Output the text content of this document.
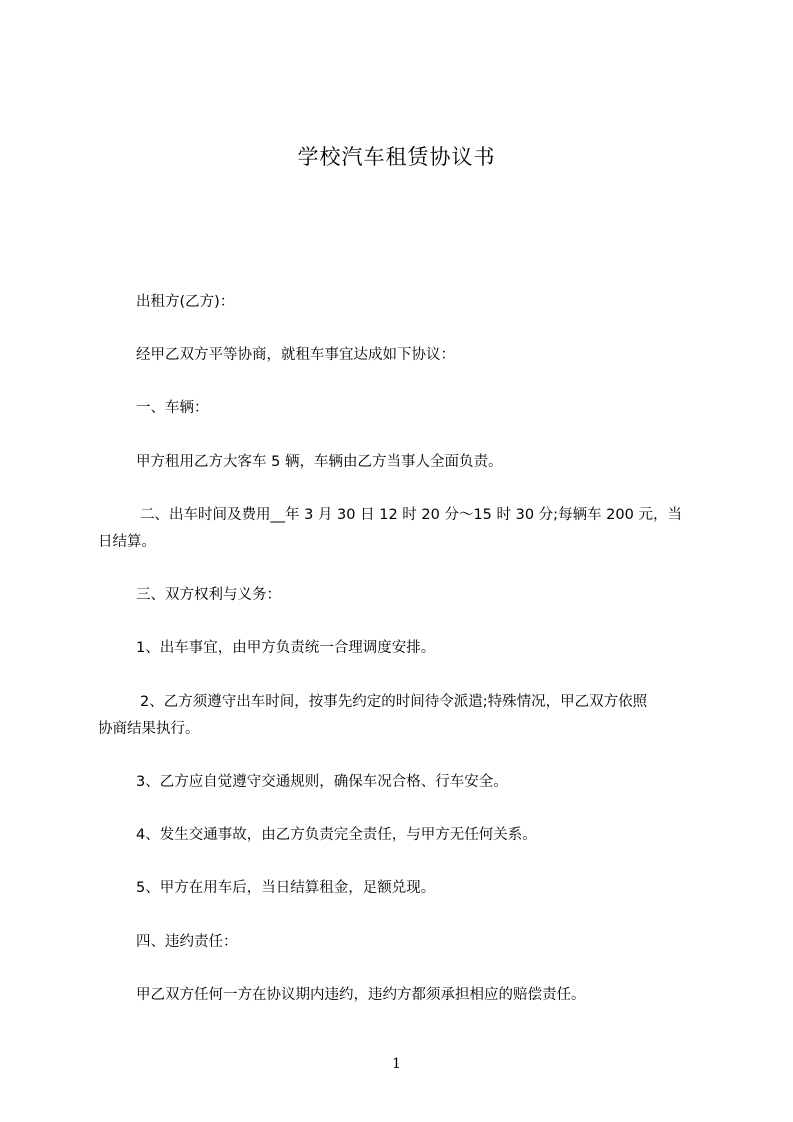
学校汽车租赁协议书
出租方(乙方)：
经甲乙双方平等协商，就租车事宜达成如下协议：
一、车辆：
甲方租用乙方大客车 5 辆，车辆由乙方当事人全面负责。
二、出车时间及费用__年 3 月 30 日 12 时 20 分～15 时 30 分;每辆车 200 元，当
日结算。
三、双方权利与义务：
1、出车事宜，由甲方负责统一合理调度安排。
2、乙方须遵守出车时间，按事先约定的时间待令派遣;特殊情况，甲乙双方依照
协商结果执行。
3、乙方应自觉遵守交通规则，确保车况合格、行车安全。
4、发生交通事故，由乙方负责完全责任，与甲方无任何关系。
5、甲方在用车后，当日结算租金，足额兑现。
四、违约责任：
甲乙双方任何一方在协议期内违约，违约方都须承担相应的赔偿责任。
1
